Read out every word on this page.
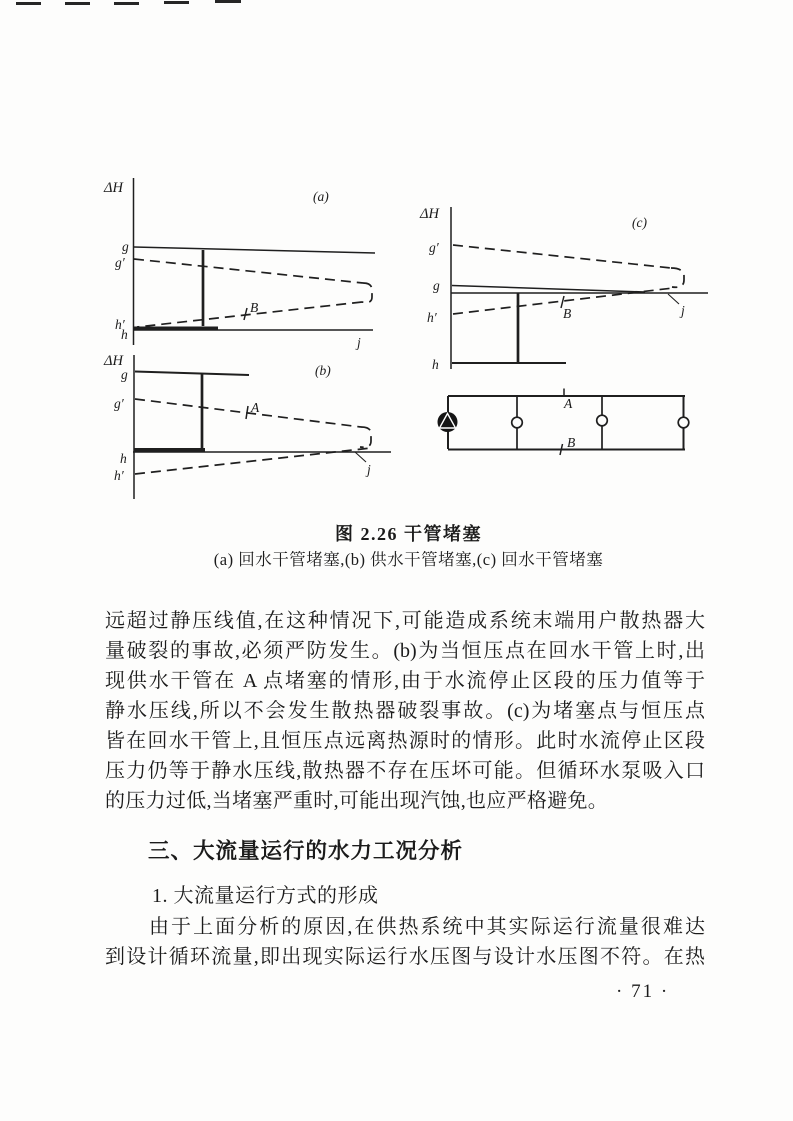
ΔH
(a)
g
g′
h′
h
B
j
ΔH
(b)
g
g′
h
h′
A
j
ΔH
(c)
g′
g
h′
h
B	j
A
B
图 2.26 干管堵塞
(a) 回水干管堵塞,(b) 供水干管堵塞,(c) 回水干管堵塞
远超过静压线值,在这种情况下,可能造成系统末端用户散热器大
量破裂的事故,必须严防发生。(b)为当恒压点在回水干管上时,出
现供水干管在 A 点堵塞的情形,由于水流停止区段的压力值等于
静水压线,所以不会发生散热器破裂事故。(c)为堵塞点与恒压点
皆在回水干管上,且恒压点远离热源时的情形。此时水流停止区段
压力仍等于静水压线,散热器不存在压坏可能。但循环水泵吸入口
的压力过低,当堵塞严重时,可能出现汽蚀,也应严格避免。
三、大流量运行的水力工况分析
1. 大流量运行方式的形成
由于上面分析的原因,在供热系统中其实际运行流量很难达
到设计循环流量,即出现实际运行水压图与设计水压图不符。在热
· 71 ·
